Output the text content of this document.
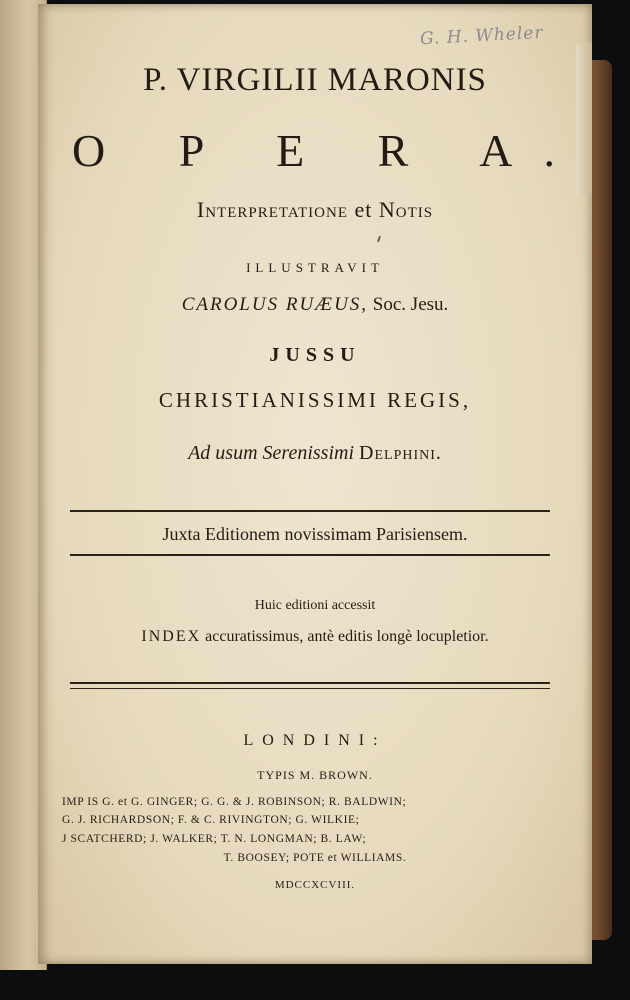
G. H. Wheler
P. VIRGILII MARONIS
O P E R A.
Interpretatione et Notis
ILLUSTRAVIT
CAROLUS RUÆUS, Soc. Jesu.
JUSSU
CHRISTIANISSIMI REGIS,
Ad usum Serenissimi Delphini.
Juxta Editionem novissimam Parisiensem.
Huic editioni accessit
INDEX accuratissimus, antè editis longè locupletior.
LONDINI:
TYPIS M. BROWN.
IMP IS G. et G. GINGER; G. G. & J. ROBINSON; R. BALDWIN;
G. J. RICHARDSON; F. & C. RIVINGTON; G. WILKIE;
J SCATCHERD; J. WALKER; T. N. LONGMAN; B. LAW;
T. BOOSEY; POTE et WILLIAMS.
MDCCXCVIII.
